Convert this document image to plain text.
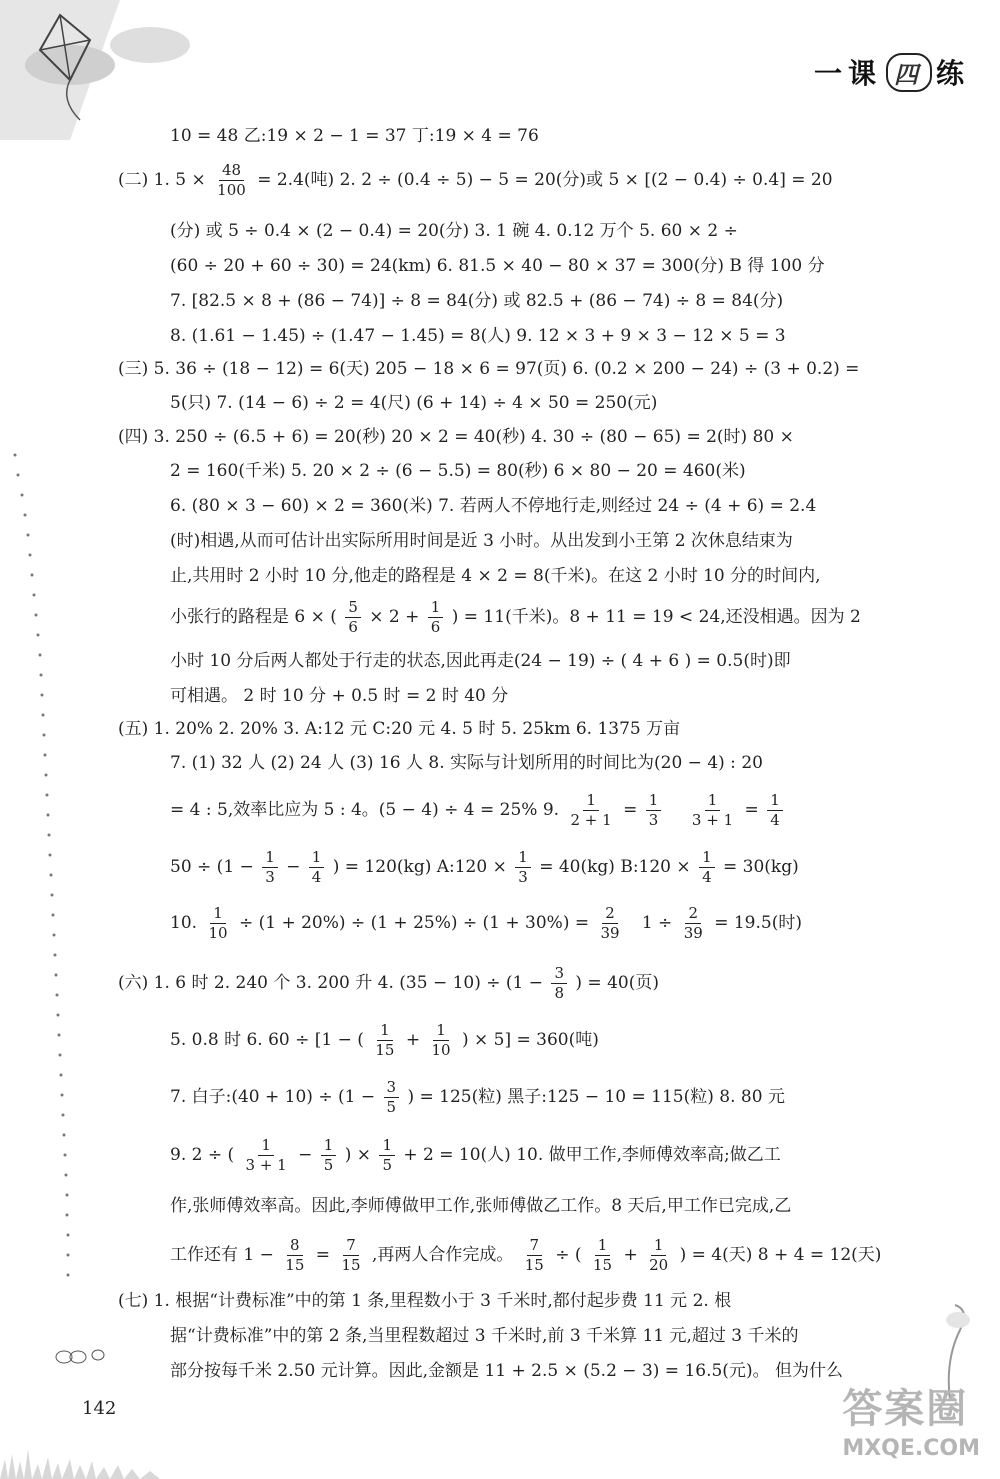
一课 四 练
10 = 48 乙:19 × 2 − 1 = 37 丁:19 × 4 = 76
(二) 1. $5 \times \frac{48}{100} = 2.4$(吨) 2. 2 ÷ (0.4 ÷ 5) − 5 = 20(分)或 5 × [(2 − 0.4) ÷ 0.4] = 20
(分) 或 5 ÷ 0.4 × (2 − 0.4) = 20(分) 3. 1 碗 4. 0.12 万个 5. 60 × 2 ÷
(60 ÷ 20 + 60 ÷ 30) = 24(km) 6. 81.5 × 40 − 80 × 37 = 300(分) B 得 100 分
7. [82.5 × 8 + (86 − 74)] ÷ 8 = 84(分) 或 82.5 + (86 − 74) ÷ 8 = 84(分)
8. (1.61 − 1.45) ÷ (1.47 − 1.45) = 8(人) 9. 12 × 3 + 9 × 3 − 12 × 5 = 3
(三) 5. 36 ÷ (18 − 12) = 6(天) 205 − 18 × 6 = 97(页) 6. (0.2 × 200 − 24) ÷ (3 + 0.2) =
5(只) 7. (14 − 6) ÷ 2 = 4(尺) (6 + 14) ÷ 4 × 50 = 250(元)
(四) 3. 250 ÷ (6.5 + 6) = 20(秒) 20 × 2 = 40(秒) 4. 30 ÷ (80 − 65) = 2(时) 80 ×
2 = 160(千米) 5. 20 × 2 ÷ (6 − 5.5) = 80(秒) 6 × 80 − 20 = 460(米)
6. (80 × 3 − 60) × 2 = 360(米) 7. 若两人不停地行走,则经过 24 ÷ (4 + 6) = 2.4
(时)相遇,从而可估计出实际所用时间是近 3 小时。从出发到小王第 2 次休息结束为
止,共用时 2 小时 10 分,他走的路程是 4 × 2 = 8(千米)。在这 2 小时 10 分的时间内,
小张行的路程是 6 × ( $\frac{5}{6} \times 2 + \frac{1}{6}$ ) = 11(千米)。8 + 11 = 19 < 24,还没相遇。因为 2
小时 10 分后两人都处于行走的状态,因此再走(24 − 19) ÷ ( 4 + 6 ) = 0.5(时)即
可相遇。 2 时 10 分 + 0.5 时 = 2 时 40 分
(五) 1. 20% 2. 20% 3. A:12 元 C:20 元 4. 5 时 5. 25km 6. 1375 万亩
7. (1) 32 人 (2) 24 人 (3) 16 人 8. 实际与计划所用的时间比为(20 − 4) : 20
= 4 : 5,效率比应为 5 : 4。(5 − 4) ÷ 4 = 25% 9. $\frac{1}{2 + 1} = \frac{1}{3}$
$\frac{1}{3 + 1} = \frac{1}{4}$
$50 \div (1 - \frac{1}{3} - \frac{1}{4}$ ) = 120(kg) A:120 × $\frac{1}{3} = 40(kg)$ B:120 × $\frac{1}{4} = 30(kg)$
10. $\frac{1}{10} \div (1 + 20\%) \div (1 + 25\%) \div (1 + 30\%) = \frac{2}{39} 1 \div \frac{2}{39} = 19.5$(时)
(六) 1. 6 时 2. 240 个 3. 200 升 4. $(35 - 10) \div (1 - \frac{3}{8}$ ) = 40(页)
5. 0.8 时 6. 60 ÷ [1 − ( $\frac{1}{15} + \frac{1}{10}$ ) × 5] = 360(吨)
7. 白子:(40 + $10) \div (1 - \frac{3}{5}$ ) = 125(粒) 黑子:125 − 10 = 115(粒) 8. 80 元
9. 2 ÷ ( $\frac{1}{3 + 1} - \frac{1}{5}$ ) × $\frac{1}{5} + 2 = 10$(人) 10. 做甲工作,李师傅效率高;做乙工
作,张师傅效率高。因此,李师傅做甲工作,张师傅做乙工作。8 天后,甲工作已完成,乙
工作还有 $1 - \frac{8}{15} = \frac{7}{15}$ ,再两人合作完成。 $\frac{7}{15}$ ÷ ( $\frac{1}{15} + \frac{1}{20}$ ) = 4(天) 8 + 4 = 12(天)
(七) 1. 根据“计费标准”中的第 1 条,里程数小于 3 千米时,都付起步费 11 元 2. 根
据“计费标准”中的第 2 条,当里程数超过 3 千米时,前 3 千米算 11 元,超过 3 千米的
部分按每千米 2.50 元计算。因此,金额是 11 + 2.5 × (5.2 − 3) = 16.5(元)。 但为什么
142	答案圈
MXQE.COM
